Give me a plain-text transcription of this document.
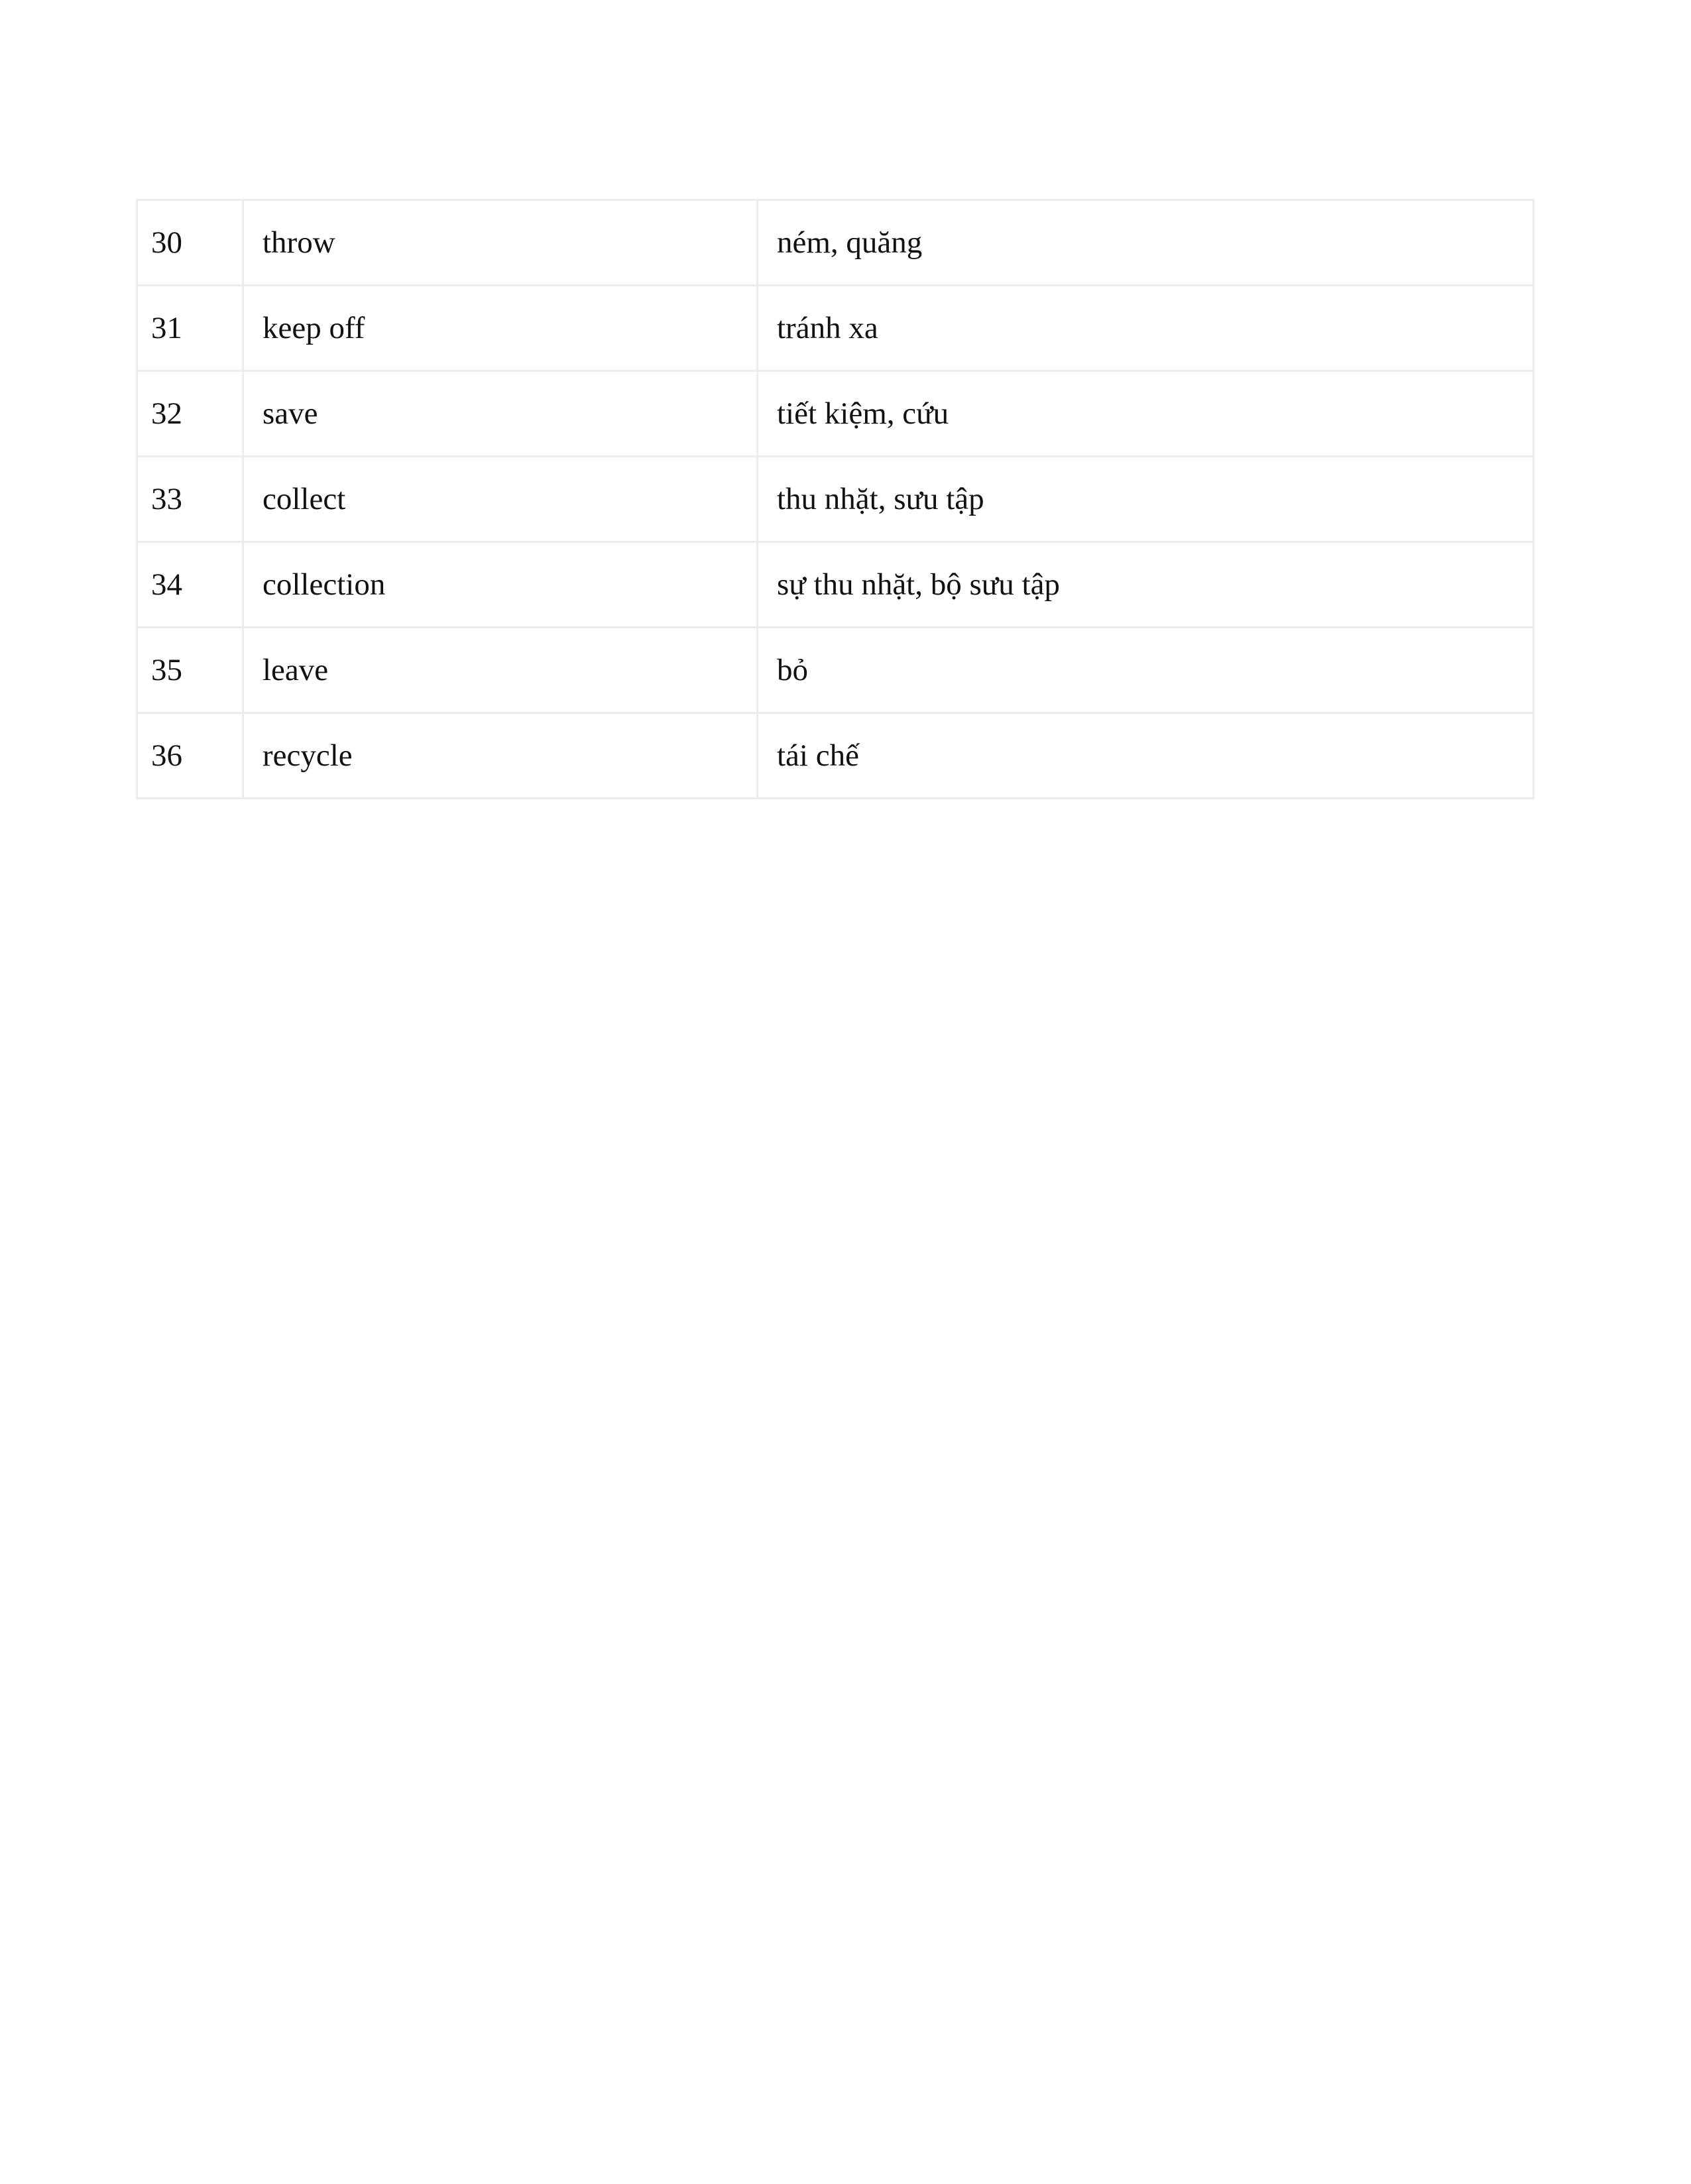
30	throw	ném, quăng
31	keep off	tránh xa
32	save	tiết kiệm, cứu
33	collect	thu nhặt, sưu tập
34	collection	sự thu nhặt, bộ sưu tập
35	leave	bỏ
36	recycle	tái chế
